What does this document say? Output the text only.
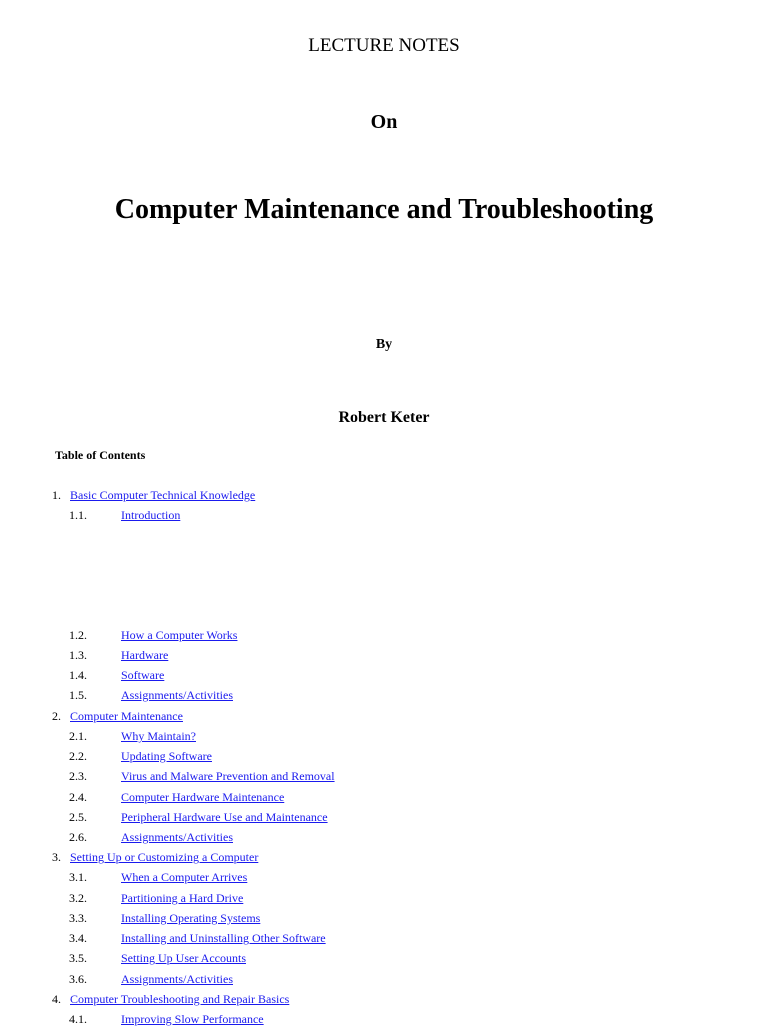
LECTURE NOTES
On
Computer Maintenance and Troubleshooting
By
Robert Keter
Table of Contents
1. Basic Computer Technical Knowledge
1.1.	Introduction
1.2.	How a Computer Works
1.3.	Hardware
1.4.	Software
1.5.	Assignments/Activities
2. Computer Maintenance
2.1.	Why Maintain?
2.2.	Updating Software
2.3.	Virus and Malware Prevention and Removal
2.4.	Computer Hardware Maintenance
2.5.	Peripheral Hardware Use and Maintenance
2.6.	Assignments/Activities
3. Setting Up or Customizing a Computer
3.1.	When a Computer Arrives
3.2.	Partitioning a Hard Drive
3.3.	Installing Operating Systems
3.4.	Installing and Uninstalling Other Software
3.5.	Setting Up User Accounts
3.6.	Assignments/Activities
4. Computer Troubleshooting and Repair Basics
4.1.	Improving Slow Performance
